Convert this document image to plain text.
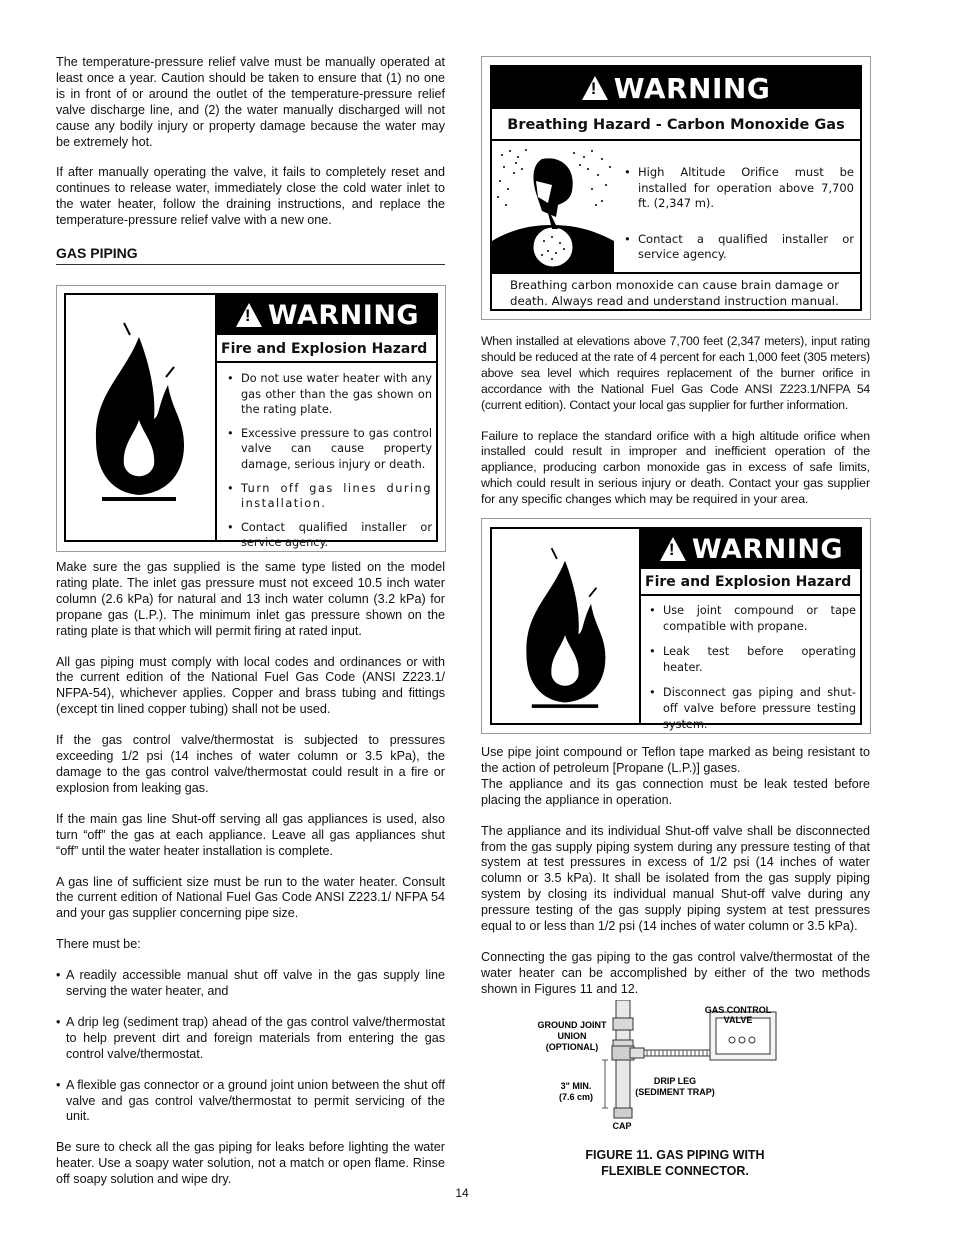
The temperature-pressure relief valve must be manually operated at least once a year. Caution should be taken to ensure that (1) no one is in front of or around the outlet of the temperature-pressure relief valve discharge line, and (2) the water manually discharged will not cause any bodily injury or property damage because the water may be extremely hot.

If after manually operating the valve, it fails to completely reset and continues to release water, immediately close the cold water inlet to the water heater, follow the draining instructions, and replace the temperature-pressure relief valve with a new one.

GAS PIPING

Make sure the gas supplied is the same type listed on the model rating plate. The inlet gas pressure must not exceed 10.5 inch water column (2.6 kPa) for natural and 13 inch water column (3.2 kPa) for propane gas (L.P.). The minimum inlet gas pressure shown on the rating plate is that which will permit firing at rated input.

All gas piping must comply with local codes and ordinances or with the current edition of the National Fuel Gas Code (ANSI Z223.1/ NFPA-54), whichever applies. Copper and brass tubing and fittings (except tin lined copper tubing) shall not be used.

If the gas control valve/thermostat is subjected to pressures exceeding 1/2 psi (14 inches of water column or 3.5 kPa), the damage to the gas control valve/thermostat could result in a fire or explosion from leaking gas.

If the main gas line Shut-off serving all gas appliances is used, also turn “off” the gas at each appliance. Leave all gas appliances shut “off” until the water heater installation is complete.

A gas line of sufficient size must be run to the water heater. Consult the current edition of National Fuel Gas Code ANSI Z223.1/ NFPA 54 and your gas supplier concerning pipe size.

There must be:

• A readily accessible manual shut off valve in the gas supply line serving the water heater, and
• A drip leg (sediment trap) ahead of the gas control valve/thermostat to help prevent dirt and foreign materials from entering the gas control valve/thermostat.
• A flexible gas connector or a ground joint union between the shut off valve and gas control valve/thermostat to permit servicing of the unit.

Be sure to check all the gas piping for leaks before lighting the water heater. Use a soapy water solution, not a match or open flame. Rinse off soapy solution and wipe dry.

! WARNING
Fire and Explosion Hazard
• Do not use water heater with any gas other than the gas shown on the rating plate.
• Excessive pressure to gas control valve can cause property damage, serious injury or death.
• Turn off gas lines during installation.
• Contact qualified installer or service agency.
! WARNING
Breathing Hazard - Carbon Monoxide Gas
• High Altitude Orifice must be installed for operation above 7,700 ft. (2,347 m).
• Contact a qualified installer or service agency.
Breathing carbon monoxide can cause brain damage or death. Always read and understand instruction manual.

When installed at elevations above 7,700 feet (2,347 meters), input rating should be reduced at the rate of 4 percent for each 1,000 feet (305 meters) above sea level which requires replacement of the burner orifice in accordance with the National Fuel Gas Code ANSI Z223.1/NFPA 54 (current edition). Contact your local gas supplier for further information.

Failure to replace the standard orifice with a high altitude orifice when installed could result in improper and inefficient operation of the appliance, producing carbon monoxide gas in excess of safe limits, which could result in serious injury or death. Contact your gas supplier for any specific changes which may be required in your area.

! WARNING
Fire and Explosion Hazard
• Use joint compound or tape compatible with propane.
• Leak test before operating heater.
• Disconnect gas piping and shut-off valve before pressure testing system.

Use pipe joint compound or Teflon tape marked as being resistant to the action of petroleum [Propane (L.P.)] gases.
The appliance and its gas connection must be leak tested before placing the appliance in operation.

The appliance and its individual Shut-off valve shall be disconnected from the gas supply piping system during any pressure testing of that system at test pressures in excess of 1/2 psi (14 inches of water column or 3.5 kPa). It shall be isolated from the gas supply piping system by closing its individual manual Shut-off valve during any pressure testing of the gas supply piping system at test pressures equal to or less than 1/2 psi (14 inches of water column or 3.5 kPa).

Connecting the gas piping to the gas control valve/thermostat of the water heater can be accomplished by either of the two methods shown in Figures 11 and 12.

GROUND JOINT
UNION
(OPTIONAL)
GAS CONTROL
VALVE
3" MIN.
(7.6 cm)
DRIP LEG
(SEDIMENT TRAP)
CAP
FIGURE 11. GAS PIPING WITH
FLEXIBLE CONNECTOR.
14
